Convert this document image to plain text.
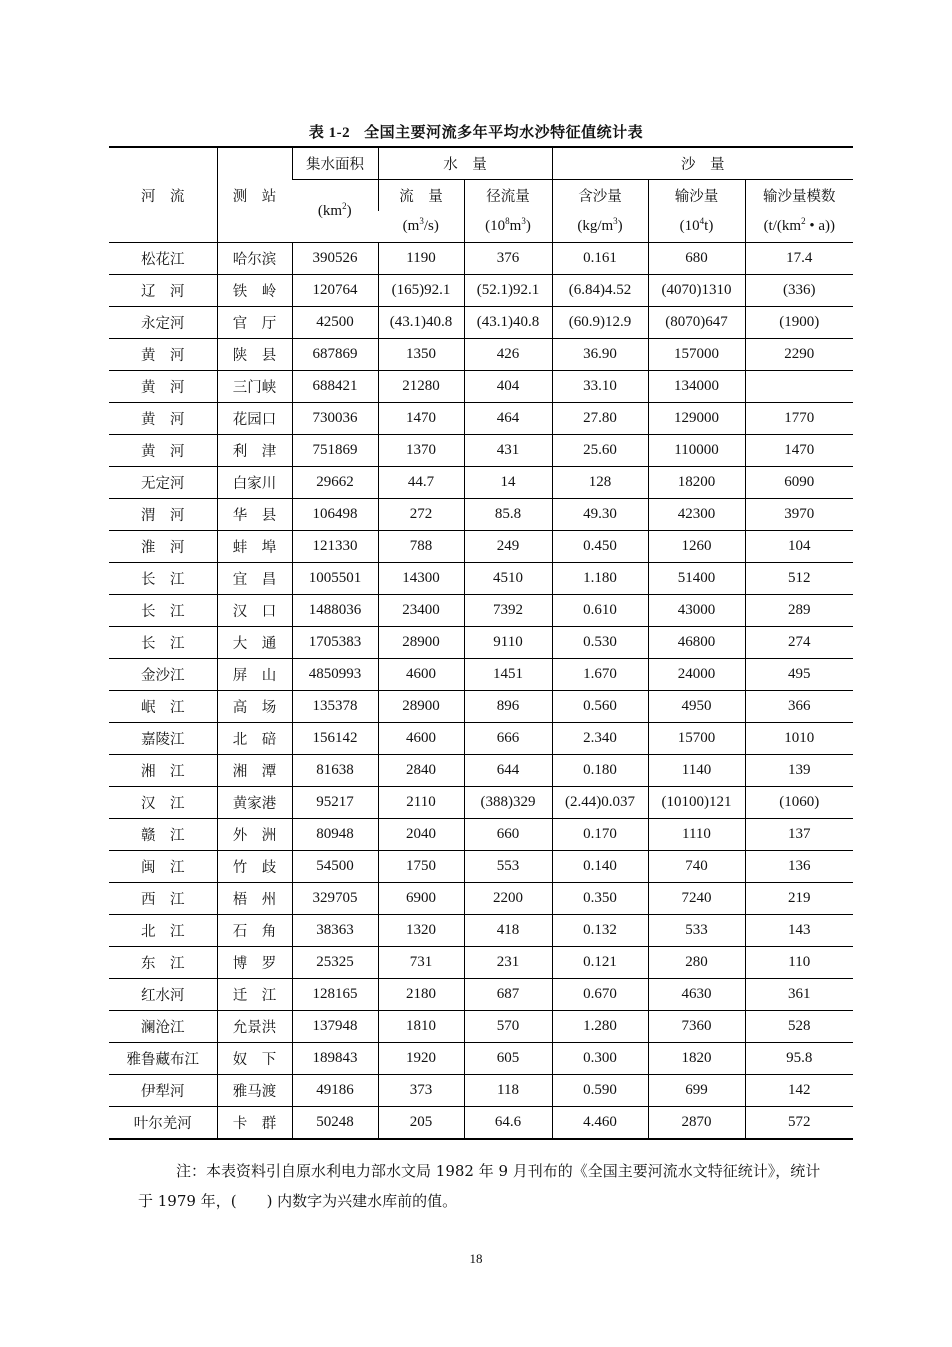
表 1-2 全国主要河流多年平均水沙特征值统计表
河　流	测　站	集水面积	水　量		沙　量		
		$(km^2)$	流　量	径流量	含沙量	输沙量	输沙量模数
			$(m^3/s)$	$(10^8m^3)$	$(kg/m^3)$	$(10^4t)$	($t/(km^2$ • a))
松花江	哈尔滨	390526	1190	376	0.161	680	17.4
辽　河	铁　岭	120764	(165)92.1	(52.1)92.1	(6.84)4.52	(4070)1310	(336)
永定河	官　厅	42500	(43.1)40.8	(43.1)40.8	(60.9)12.9	(8070)647	(1900)
黄　河	陕　县	687869	1350	426	36.90	157000	2290
黄　河	三门峡	688421	21280	404	33.10	134000	
黄　河	花园口	730036	1470	464	27.80	129000	1770
黄　河	利　津	751869	1370	431	25.60	110000	1470
无定河	白家川	29662	44.7	14	128	18200	6090
渭　河	华　县	106498	272	85.8	49.30	42300	3970
淮　河	蚌　埠	121330	788	249	0.450	1260	104
长　江	宜　昌	1005501	14300	4510	1.180	51400	512
长　江	汉　口	1488036	23400	7392	0.610	43000	289
长　江	大　通	1705383	28900	9110	0.530	46800	274
金沙江	屏　山	4850993	4600	1451	1.670	24000	495
岷　江	高　场	135378	28900	896	0.560	4950	366
嘉陵江	北　碚	156142	4600	666	2.340	15700	1010
湘　江	湘　潭	81638	2840	644	0.180	1140	139
汉　江	黄家港	95217	2110	(388)329	(2.44)0.037	(10100)121	(1060)
赣　江	外　洲	80948	2040	660	0.170	1110	137
闽　江	竹　歧	54500	1750	553	0.140	740	136
西　江	梧　州	329705	6900	2200	0.350	7240	219
北　江	石　角	38363	1320	418	0.132	533	143
东　江	博　罗	25325	731	231	0.121	280	110
红水河	迁　江	128165	2180	687	0.670	4630	361
澜沧江	允景洪	137948	1810	570	1.280	7360	528
雅鲁藏布江	奴　下	189843	1920	605	0.300	1820	95.8
伊犁河	雅马渡	49186	373	118	0.590	699	142
叶尔羌河	卡　群	50248	205	64.6	4.460	2870	572
注：本表资料引自原水利电力部水文局 1982 年 9 月刊布的《全国主要河流水文特征统计》，统计于 1979 年，(　　) 内数字为兴建水库前的值。
18
